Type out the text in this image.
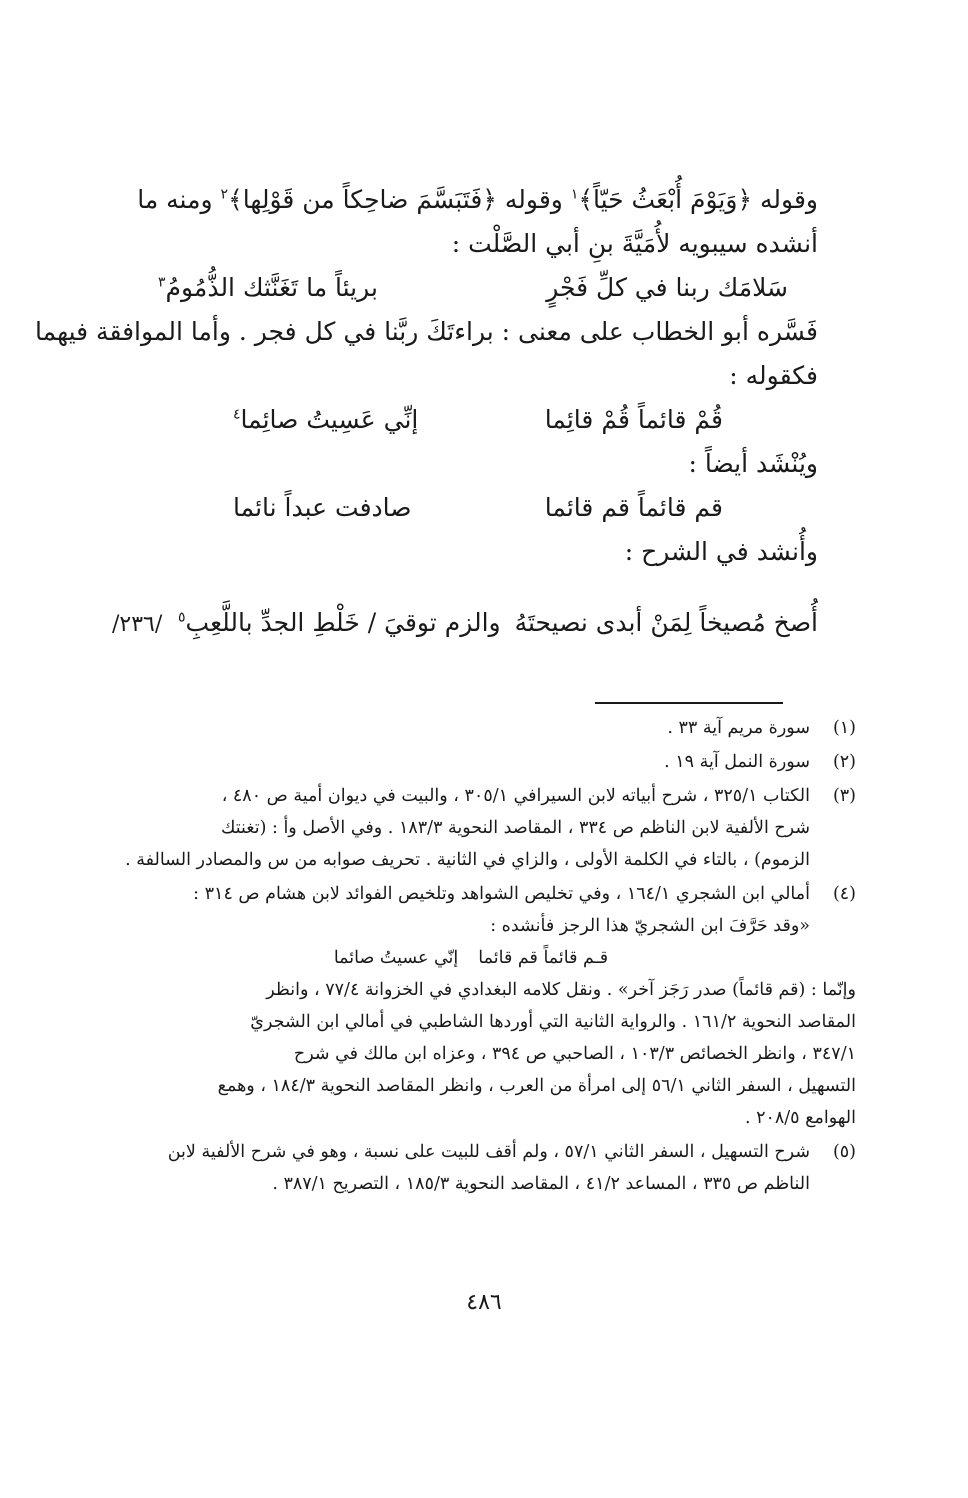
وقوله ﴿وَيَوْمَ أُبْعَثُ حَيّاً﴾$^١$ وقوله ﴿فَتَبَسَّمَ ضاحِكاً من قَوْلِها﴾$^٢$ ومنه ما
أنشده سيبويه لأُمَيَّةَ بنِ أبي الصَّلْت :

سَلامَك ربنا في كلِّ فَجْرٍ
بريئاً ما تَغَنَّثك الذُّمُومُ$^٣$

فَسَّره أبو الخطاب على معنى : براءتَكَ ربَّنا في كل فجر . وأما الموافقة فيهما
فكقوله :

قُمْ قائماً قُمْ قائِما
إنِّي عَسِيتُ صائِما$^٤$

ويُنْشَد أيضاً :

قم قائماً قم قائما
صادفت عبداً نائما

وأُنشد في الشرح :

أُصخ مُصيخاً لِمَنْ أبدى نصيحتَهُ
والزم توقيَ / خَلْطِ الجدِّ باللَّعِبِ$^٥$
/٢٣٦/
(١)
سورة مريم آية ٣٣ .
(٢)
سورة النمل آية ١٩ .
(٣)
الكتاب ٣٢٥/١ ، شرح أبياته لابن السيرافي ٣٠٥/١ ، والبيت في ديوان أمية ص ٤٨٠ ،
شرح الألفية لابن الناظم ص ٣٣٤ ، المقاصد النحوية ١٨٣/٣ . وفي الأصل وأ : (تغنتك
الزموم) ، بالتاء في الكلمة الأولى ، والزاي في الثانية . تحريف صوابه من س والمصادر السالفة .
(٤)
أمالي ابن الشجري ١٦٤/١ ، وفي تخليص الشواهد وتلخيص الفوائد لابن هشام ص ٣١٤ :
«وقد حَرَّفَ ابن الشجريّ هذا الرجز فأنشده :
قـم قائماً قم قائماإنّي عسيتُ صائما
وإنّما : (قم قائماً) صدر رَجَز آخر» . ونقل كلامه البغدادي في الخزوانة ٧٧/٤ ، وانظر
المقاصد النحوية ١٦١/٢ . والرواية الثانية التي أوردها الشاطبي في أمالي ابن الشجريّ
٣٤٧/١ ، وانظر الخصائص ١٠٣/٣ ، الصاحبي ص ٣٩٤ ، وعزاه ابن مالك في شرح
التسهيل ، السفر الثاني ٥٦/١ إلى امرأة من العرب ، وانظر المقاصد النحوية ١٨٤/٣ ، وهمع
الهوامع ٢٠٨/٥ .
(٥)
شرح التسهيل ، السفر الثاني ٥٧/١ ، ولم أقف للبيت على نسبة ، وهو في شرح الألفية لابن
الناظم ص ٣٣٥ ، المساعد ٤١/٢ ، المقاصد النحوية ١٨٥/٣ ، التصريح ٣٨٧/١ .
٤٨٦
